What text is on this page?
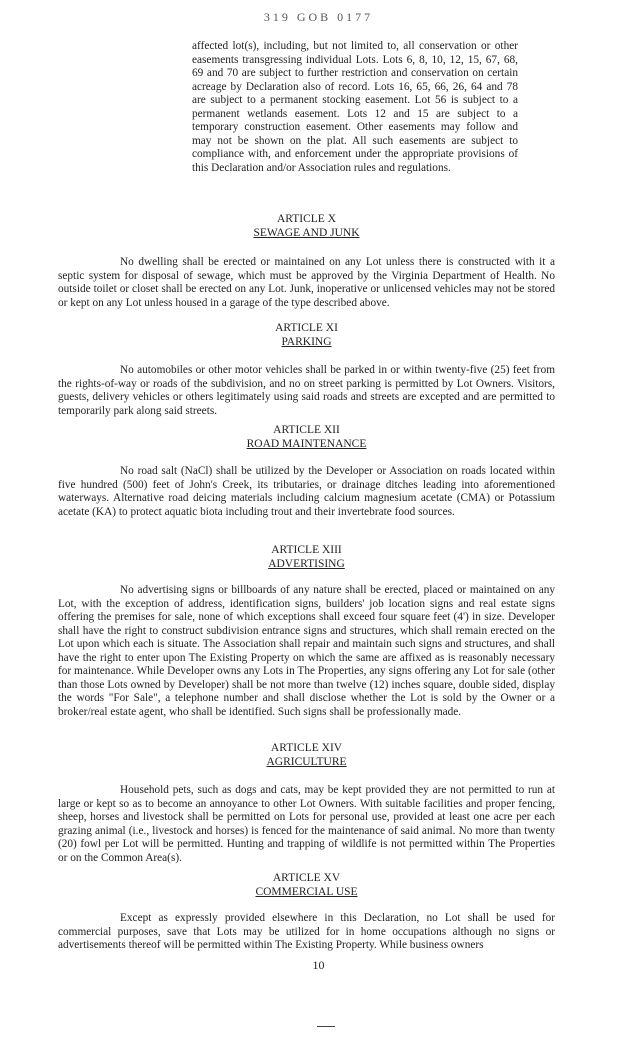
319 GOB 0177

affected lot(s), including, but not limited to, all conservation or other easements transgressing individual Lots. Lots 6, 8, 10, 12, 15, 67, 68, 69 and 70 are subject to further restriction and conservation on certain acreage by Declaration also of record. Lots 16, 65, 66, 26, 64 and 78 are subject to a permanent stocking easement. Lot 56 is subject to a permanent wetlands easement. Lots 12 and 15 are subject to a temporary construction easement. Other easements may follow and may not be shown on the plat. All such easements are subject to compliance with, and enforcement under the appropriate provisions of this Declaration and/or Association rules and regulations.

ARTICLE X
SEWAGE AND JUNK

No dwelling shall be erected or maintained on any Lot unless there is constructed with it a septic system for disposal of sewage, which must be approved by the Virginia Department of Health. No outside toilet or closet shall be erected on any Lot. Junk, inoperative or unlicensed vehicles may not be stored or kept on any Lot unless housed in a garage of the type described above.

ARTICLE XI
PARKING

No automobiles or other motor vehicles shall be parked in or within twenty-five (25) feet from the rights-of-way or roads of the subdivision, and no on street parking is permitted by Lot Owners. Visitors, guests, delivery vehicles or others legitimately using said roads and streets are excepted and are permitted to temporarily park along said streets.

ARTICLE XII
ROAD MAINTENANCE

No road salt (NaCl) shall be utilized by the Developer or Association on roads located within five hundred (500) feet of John's Creek, its tributaries, or drainage ditches leading into aforementioned waterways. Alternative road deicing materials including calcium magnesium acetate (CMA) or Potassium acetate (KA) to protect aquatic biota including trout and their invertebrate food sources.

ARTICLE XIII
ADVERTISING

No advertising signs or billboards of any nature shall be erected, placed or maintained on any Lot, with the exception of address, identification signs, builders' job location signs and real estate signs offering the premises for sale, none of which exceptions shall exceed four square feet (4') in size. Developer shall have the right to construct subdivision entrance signs and structures, which shall remain erected on the Lot upon which each is situate. The Association shall repair and maintain such signs and structures, and shall have the right to enter upon The Existing Property on which the same are affixed as is reasonably necessary for maintenance. While Developer owns any Lots in The Properties, any signs offering any Lot for sale (other than those Lots owned by Developer) shall be not more than twelve (12) inches square, double sided, display the words "For Sale", a telephone number and shall disclose whether the Lot is sold by the Owner or a broker/real estate agent, who shall be identified. Such signs shall be professionally made.

ARTICLE XIV
AGRICULTURE

Household pets, such as dogs and cats, may be kept provided they are not permitted to run at large or kept so as to become an annoyance to other Lot Owners. With suitable facilities and proper fencing, sheep, horses and livestock shall be permitted on Lots for personal use, provided at least one acre per each grazing animal (i.e., livestock and horses) is fenced for the maintenance of said animal. No more than twenty (20) fowl per Lot will be permitted. Hunting and trapping of wildlife is not permitted within The Properties or on the Common Area(s).

ARTICLE XV
COMMERCIAL USE

Except as expressly provided elsewhere in this Declaration, no Lot shall be used for commercial purposes, save that Lots may be utilized for in home occupations although no signs or advertisements thereof will be permitted within The Existing Property. While business owners

10
